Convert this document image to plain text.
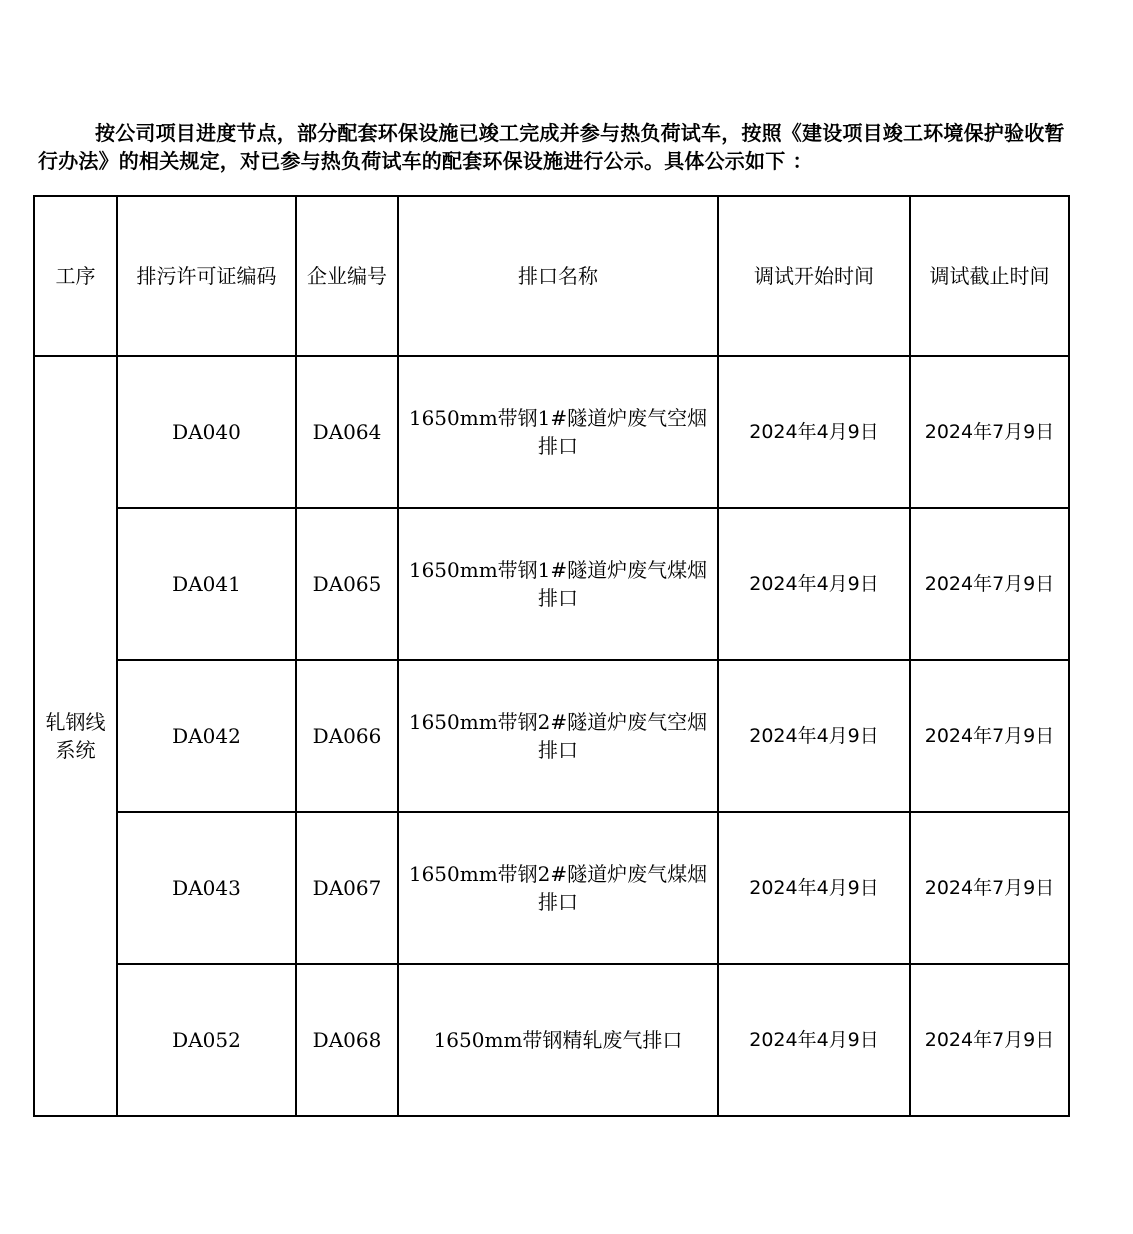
按公司项目进度节点，部分配套环保设施已竣工完成并参与热负荷试车，按照《建设项目竣工环境保护验收暂行办法》的相关规定，对已参与热负荷试车的配套环保设施进行公示。具体公示如下 ：

工序	排污许可证编码	企业编号	排口名称	调试开始时间	调试截止时间
轧钢线系统	DA040	DA064	1650mm带钢1#隧道炉废气空烟排口	2024年4月9日	2024年7月9日
	DA041	DA065	1650mm带钢1#隧道炉废气煤烟排口	2024年4月9日	2024年7月9日
	DA042	DA066	1650mm带钢2#隧道炉废气空烟排口	2024年4月9日	2024年7月9日
	DA043	DA067	1650mm带钢2#隧道炉废气煤烟排口	2024年4月9日	2024年7月9日
	DA052	DA068	1650mm带钢精轧废气排口	2024年4月9日	2024年7月9日
